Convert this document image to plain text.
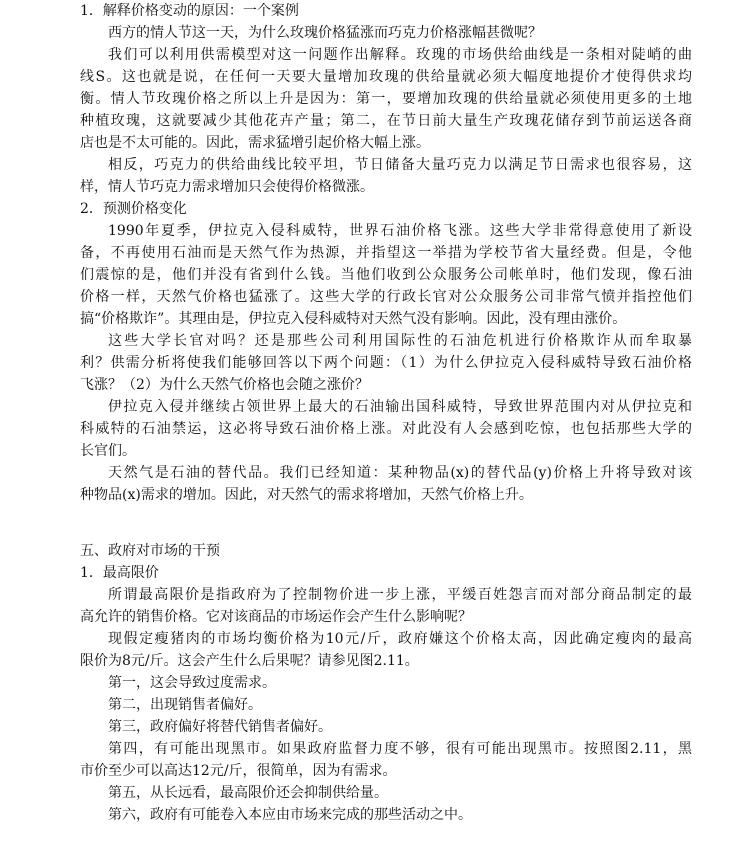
1．解释价格变动的原因：一个案例
西方的情人节这一天，为什么玫瑰价格猛涨而巧克力价格涨幅甚微呢？
我们可以利用供需模型对这一问题作出解释。玫瑰的市场供给曲线是一条相对陡峭的曲
线S。这也就是说，在任何一天要大量增加玫瑰的供给量就必须大幅度地提价才使得供求均
衡。情人节玫瑰价格之所以上升是因为：第一，要增加玫瑰的供给量就必须使用更多的土地
种植玫瑰，这就要减少其他花卉产量；第二，在节日前大量生产玫瑰花储存到节前运送各商
店也是不太可能的。因此，需求猛增引起价格大幅上涨。
相反，巧克力的供给曲线比较平坦，节日储备大量巧克力以满足节日需求也很容易，这
样，情人节巧克力需求增加只会使得价格微涨。
2．预测价格变化
1990年夏季，伊拉克入侵科威特，世界石油价格飞涨。这些大学非常得意使用了新设
备，不再使用石油而是天然气作为热源，并指望这一举措为学校节省大量经费。但是，令他
们震惊的是，他们并没有省到什么钱。当他们收到公众服务公司帐单时，他们发现，像石油
价格一样，天然气价格也猛涨了。这些大学的行政长官对公众服务公司非常气愤并指控他们
搞“价格欺诈”。其理由是，伊拉克入侵科威特对天然气没有影响。因此，没有理由涨价。
这些大学长官对吗？还是那些公司利用国际性的石油危机进行价格欺诈从而牟取暴
利？供需分析将使我们能够回答以下两个问题：（1）为什么伊拉克入侵科威特导致石油价格
飞涨？（2）为什么天然气价格也会随之涨价？
伊拉克入侵并继续占领世界上最大的石油输出国科威特，导致世界范围内对从伊拉克和
科威特的石油禁运，这必将导致石油价格上涨。对此没有人会感到吃惊，也包括那些大学的
长官们。
天然气是石油的替代品。我们已经知道：某种物品(x)的替代品(y)价格上升将导致对该
种物品(x)需求的增加。因此，对天然气的需求将增加，天然气价格上升。
五、政府对市场的干预
1．最高限价
所谓最高限价是指政府为了控制物价进一步上涨，平缓百姓怨言而对部分商品制定的最
高允许的销售价格。它对该商品的市场运作会产生什么影响呢？
现假定瘦猪肉的市场均衡价格为10元/斤，政府嫌这个价格太高，因此确定瘦肉的最高
限价为8元/斤。这会产生什么后果呢？请参见图2.11。
第一，这会导致过度需求。
第二，出现销售者偏好。
第三，政府偏好将替代销售者偏好。
第四，有可能出现黑市。如果政府监督力度不够，很有可能出现黑市。按照图2.11，黑
市价至少可以高达12元/斤，很简单，因为有需求。
第五，从长远看，最高限价还会抑制供给量。
第六，政府有可能卷入本应由市场来完成的那些活动之中。
